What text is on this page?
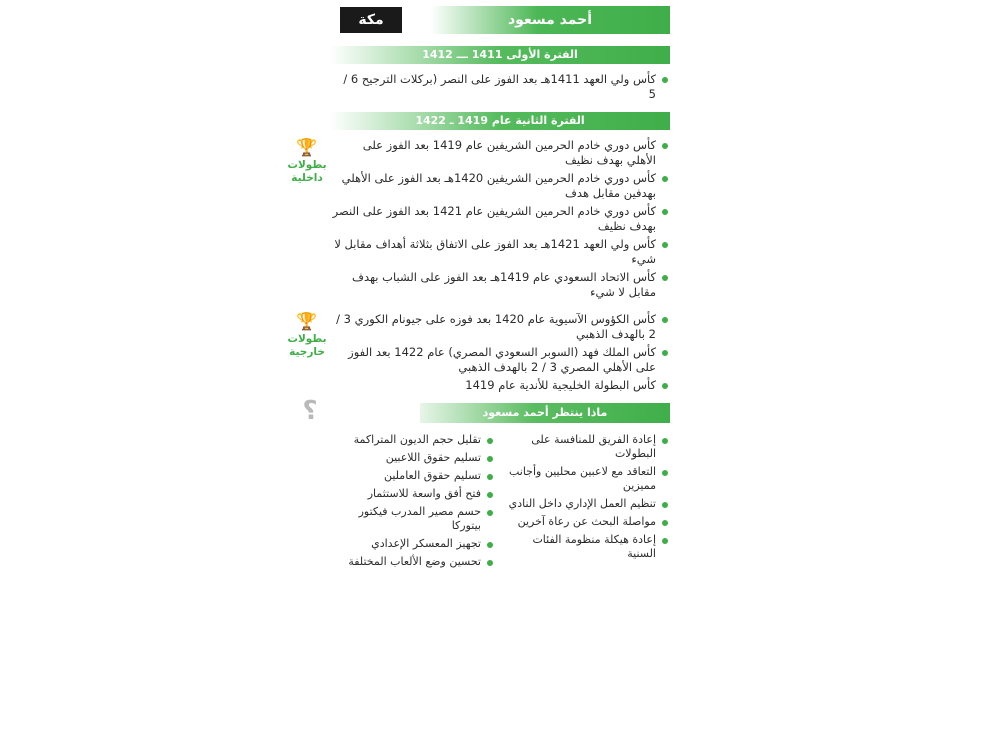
أحمد مسعود
مكة
الفترة الأولى 1411 ـــ 1412
كأس ولي العهد 1411هـ بعد الفوز على النصر (بركلات الترجيح 6 / 5
الفترة الثانية عام 1419 ـ 1422
🏆
بطولات داخلية
كأس دوري خادم الحرمين الشريفين عام 1419 بعد الفوز على الأهلي بهدف نظيف
كأس دوري خادم الحرمين الشريفين 1420هـ بعد الفوز على الأهلي بهدفين مقابل هدف
كأس دوري خادم الحرمين الشريفين عام 1421 بعد الفوز على النصر بهدف نظيف
كأس ولي العهد 1421هـ بعد الفوز على الاتفاق بثلاثة أهداف مقابل لا شيء
كأس الاتحاد السعودي عام 1419هـ بعد الفوز على الشباب بهدف مقابل لا شيء
🏆
بطولات خارجية
كأس الكؤوس الآسيوية عام 1420 بعد فوزه على جيونام الكوري 3 / 2 بالهدف الذهبي
كأس الملك فهد (السوبر السعودي المصري) عام 1422 بعد الفوز على الأهلي المصري 3 / 2 بالهدف الذهبي
كأس البطولة الخليجية للأندية عام 1419
؟	ماذا ينتظر أحمد مسعود
إعادة الفريق للمنافسة على البطولات
التعاقد مع لاعبين محليين وأجانب مميزين
تنظيم العمل الإداري داخل النادي
مواصلة البحث عن رعاة آخرين
إعادة هيكلة منظومة الفئات السنية
تقليل حجم الديون المتراكمة
تسليم حقوق اللاعبين
تسليم حقوق العاملين
فتح أفق واسعة للاستثمار
حسم مصير المدرب فيكتور بيتوركا
تجهيز المعسكر الإعدادي
تحسين وضع الألعاب المختلفة
